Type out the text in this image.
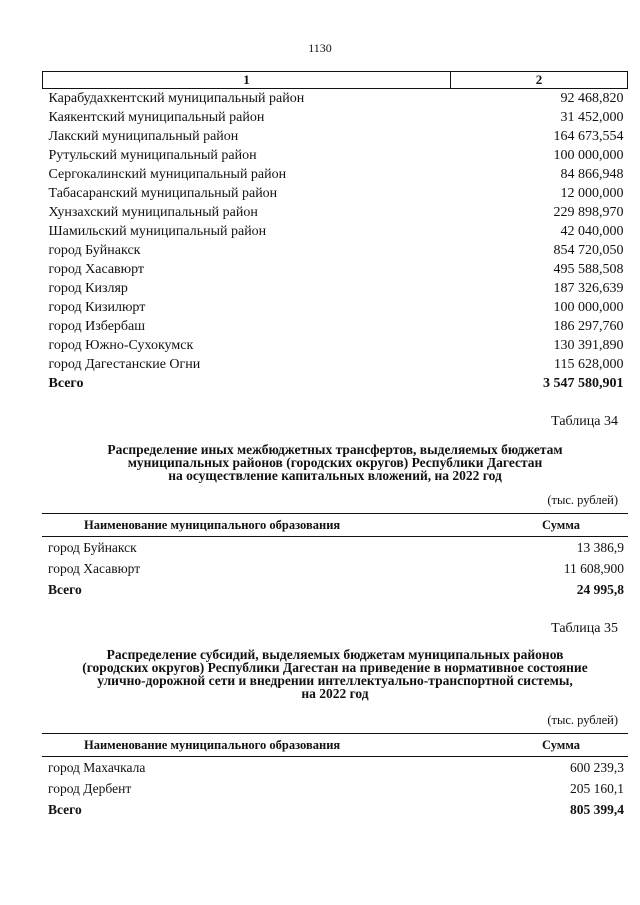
1130
1	2
Карабудахкентский муниципальный район	92 468,820
Каякентский муниципальный район	31 452,000
Лакский муниципальный район	164 673,554
Рутульский муниципальный район	100 000,000
Сергокалинский муниципальный район	84 866,948
Табасаранский муниципальный район	12 000,000
Хунзахский муниципальный район	229 898,970
Шамильский муниципальный район	42 040,000
город Буйнакск	854 720,050
город Хасавюрт	495 588,508
город Кизляр	187 326,639
город Кизилюрт	100 000,000
город Избербаш	186 297,760
город Южно-Сухокумск	130 391,890
город Дагестанские Огни	115 628,000
Всего	3 547 580,901
Таблица 34
Распределение иных межбюджетных трансфертов, выделяемых бюджетам
муниципальных районов (городских округов) Республики Дагестан
на осуществление капитальных вложений, на 2022 год
(тыс. рублей)
Наименование муниципального образования	Сумма
город Буйнакск	13 386,9
город Хасавюрт	11 608,900
Всего	24 995,8
Таблица 35
Распределение субсидий, выделяемых бюджетам муниципальных районов
(городских округов) Республики Дагестан на приведение в нормативное состояние
улично-дорожной сети и внедрении интеллектуально-транспортной системы,
на 2022 год
(тыс. рублей)
Наименование муниципального образования	Сумма
город Махачкала	600 239,3
город Дербент	205 160,1
Всего	805 399,4
